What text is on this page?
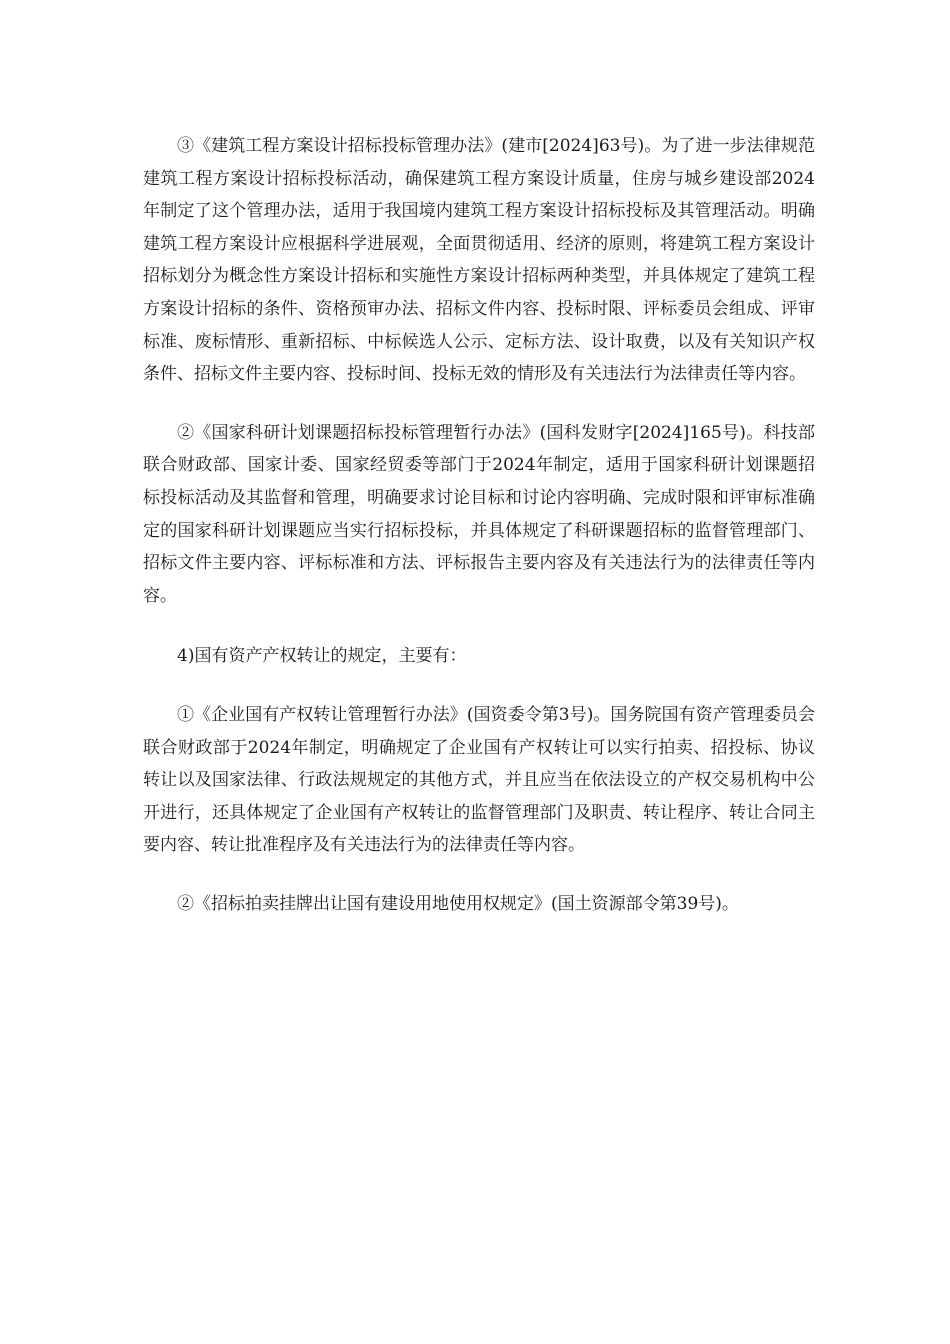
③《建筑工程方案设计招标投标管理办法》(建市[2024]63号)。为了进一步法律规范建筑工程方案设计招标投标活动，确保建筑工程方案设计质量，住房与城乡建设部2024年制定了这个管理办法，适用于我国境内建筑工程方案设计招标投标及其管理活动。明确建筑工程方案设计应根据科学进展观，全面贯彻适用、经济的原则，将建筑工程方案设计招标划分为概念性方案设计招标和实施性方案设计招标两种类型，并具体规定了建筑工程方案设计招标的条件、资格预审办法、招标文件内容、投标时限、评标委员会组成、评审标准、废标情形、重新招标、中标候选人公示、定标方法、设计取费，以及有关知识产权条件、招标文件主要内容、投标时间、投标无效的情形及有关违法行为法律责任等内容。

②《国家科研计划课题招标投标管理暂行办法》(国科发财字[2024]165号)。科技部联合财政部、国家计委、国家经贸委等部门于2024年制定，适用于国家科研计划课题招标投标活动及其监督和管理，明确要求讨论目标和讨论内容明确、完成时限和评审标准确定的国家科研计划课题应当实行招标投标，并具体规定了科研课题招标的监督管理部门、招标文件主要内容、评标标准和方法、评标报告主要内容及有关违法行为的法律责任等内容。

4)国有资产产权转让的规定，主要有：

①《企业国有产权转让管理暂行办法》(国资委令第3号)。国务院国有资产管理委员会联合财政部于2024年制定，明确规定了企业国有产权转让可以实行拍卖、招投标、协议转让以及国家法律、行政法规规定的其他方式，并且应当在依法设立的产权交易机构中公开进行，还具体规定了企业国有产权转让的监督管理部门及职责、转让程序、转让合同主要内容、转让批准程序及有关违法行为的法律责任等内容。

②《招标拍卖挂牌出让国有建设用地使用权规定》(国土资源部令第39号)。
